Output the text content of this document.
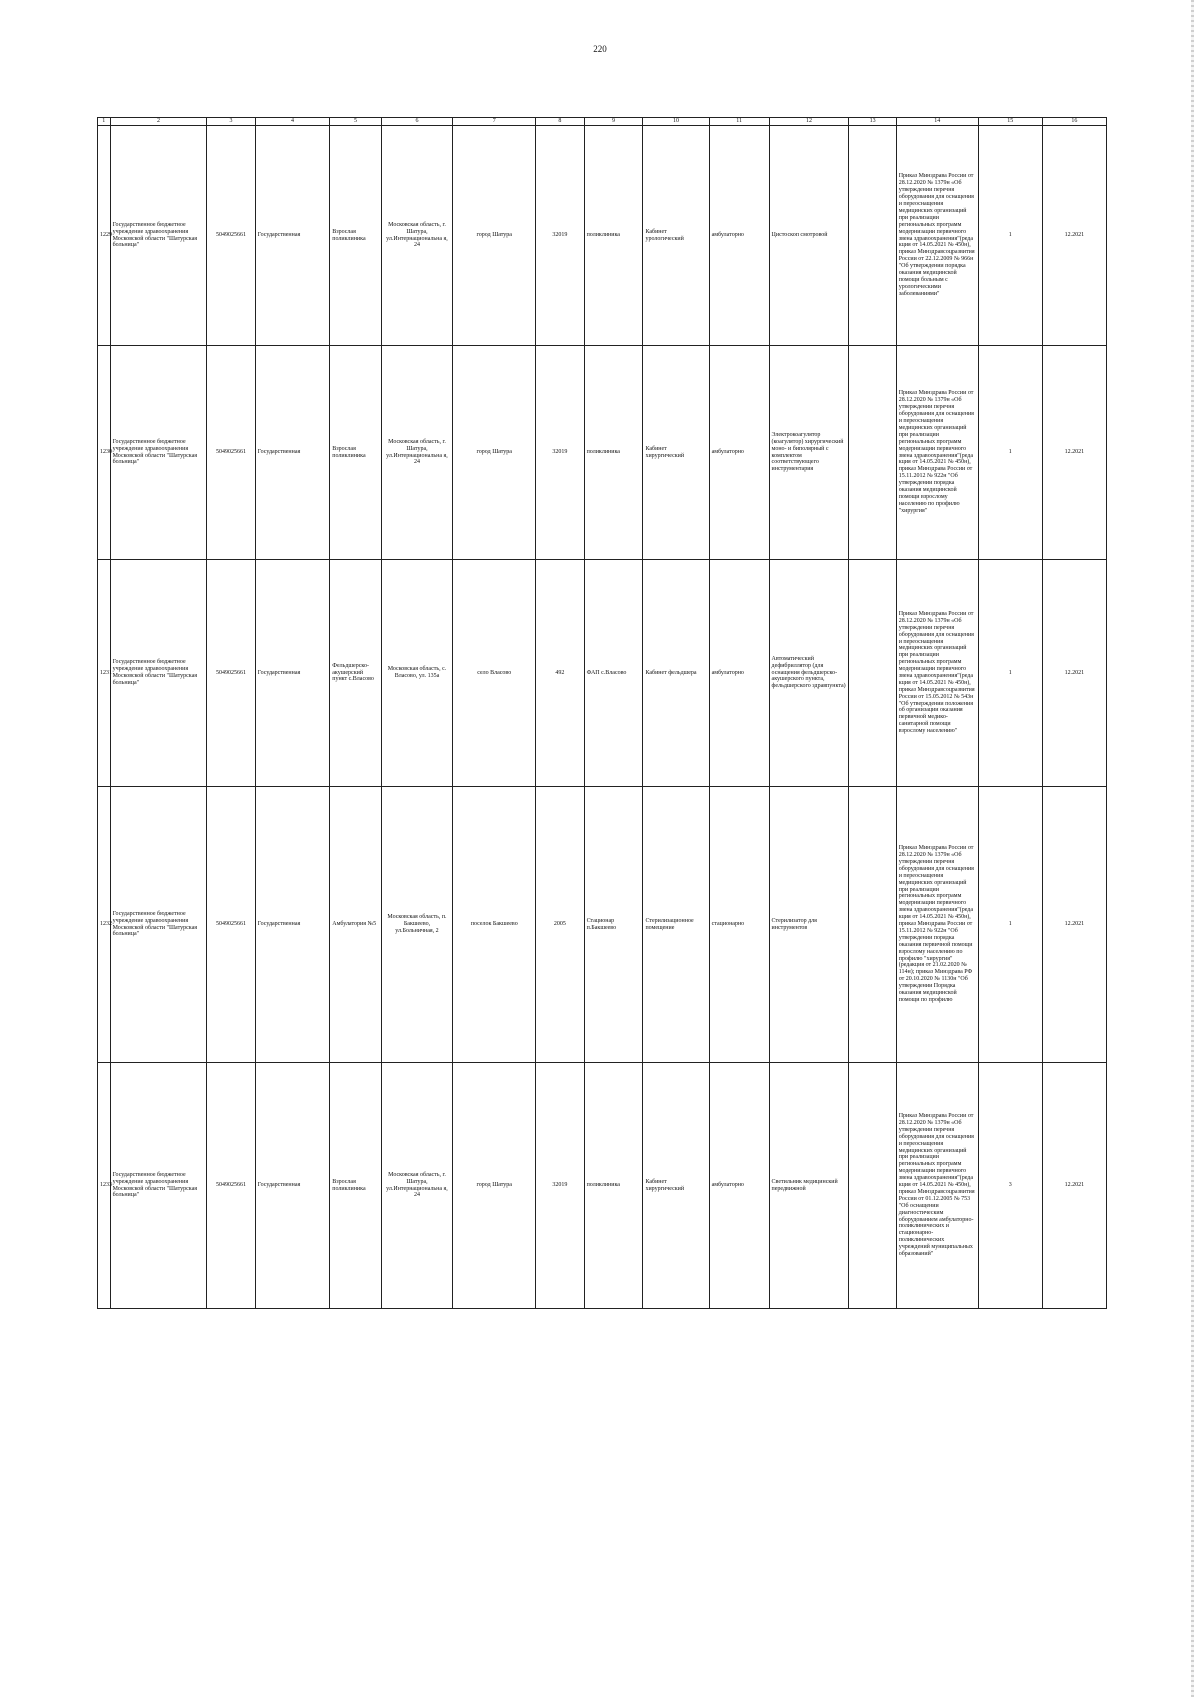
220
1	2	3	4	5	6	7	8	9	10	11	12	13	14	15	16
1229	Государственное бюджетное учреждение здравоохранения Московской области "Шатурская больница"	5049025661	Государственная	Взрослая поликлиника	Московская область, г. Шатура, ул.Интернациональна я, 24	город Шатура	32019	поликлиника	Кабинет урологический	амбулаторно	Цистоскоп смотровой		Приказ Минздрава России от 28.12.2020 № 1379н «Об утверждении перечня оборудования для оснащения и переоснащения медицинских организаций при реализации региональных программ модернизации первичного звена здравоохранения"(реда кция от 14.05.2021 № 450н), приказ Минздравсоцразвития России от 22.12.2009 № 966н "Об утверждении порядка оказания медицинской помощи больным с урологическими заболеваниями"	1	12.2021
1230	Государственное бюджетное учреждение здравоохранения Московской области "Шатурская больница"	5049025661	Государственная	Взрослая поликлиника	Московская область, г. Шатура, ул.Интернациональна я, 24	город Шатура	32019	поликлиника	Кабинет хирургический	амбулаторно	Электрокоагулятор (коагулятор) хирургический моно- и биполярный с комплектом соответствующего инструментария		Приказ Минздрава России от 28.12.2020 № 1379н «Об утверждении перечня оборудования для оснащения и переоснащения медицинских организаций при реализации региональных программ модернизации первичного звена здравоохранения"(реда кция от 14.05.2021 № 450н), приказ Минздрава России от 15.11.2012 № 922н "Об утверждении порядка оказания медицинской помощи взрослому населению по профилю "хирургия"	1	12.2021
1231	Государственное бюджетное учреждение здравоохранения Московской области "Шатурская больница"	5049025661	Государственная	Фельдшерско-акушерский пункт с.Власово	Московская область, с. Власово, ул. 135а	село Власово	492	ФАП с.Власово	Кабинет фельдшера	амбулаторно	Автоматический дефибриллятор (для оснащения фельдшерско-акушерского пункта, фельдшерского здравпункта)		Приказ Минздрава России от 28.12.2020 № 1379н «Об утверждении перечня оборудования для оснащения и переоснащения медицинских организаций при реализации региональных программ модернизации первичного звена здравоохранения"(реда кция от 14.05.2021 № 450н), приказ Минздравсоцразвития России от 15.05.2012 № 543н "Об утверждении положения об организации оказания первичной медико-санитарной помощи взрослому населению"	1	12.2021
1232	Государственное бюджетное учреждение здравоохранения Московской области "Шатурская больница"	5049025661	Государственная	Амбулатория №5	Московская область, п. Бакшеево, ул.Больничная, 2	поселок Бакшеево	2005	Стационар п.Бакшеево	Стерилизационное помещение	стационарно	Стерилизатор для инструментов		Приказ Минздрава России от 28.12.2020 № 1379н «Об утверждении перечня оборудования для оснащения и переоснащения медицинских организаций при реализации региональных программ модернизации первичного звена здравоохранения"(реда кция от 14.05.2021 № 450н), приказ Минздрава России от 15.11.2012 № 922н "Об утверждении порядка оказания первичной помощи взрослому населению по профилю "хирургия" (редакция от 21.02.2020 № 114н); приказ Минздрава РФ от 20.10.2020 № 1130н "Об утверждении Порядка оказания медицинской помощи по профилю	1	12.2021
1233	Государственное бюджетное учреждение здравоохранения Московской области "Шатурская больница"	5049025661	Государственная	Взрослая поликлиника	Московская область, г. Шатура, ул.Интернациональна я, 24	город Шатура	32019	поликлиника	Кабинет хирургический	амбулаторно	Светильник медицинский передвижной		Приказ Минздрава России от 28.12.2020 № 1379н «Об утверждении перечня оборудования для оснащения и переоснащения медицинских организаций при реализации региональных программ модернизации первичного звена здравоохранения"(реда кция от 14.05.2021 № 450н), приказ Минздравсоцразвития России от 01.12.2005 № 753 "Об оснащении диагностическим оборудованием амбулаторно-поликлинических и стационарно-поликлинических учреждений муниципальных образований"	3	12.2021
